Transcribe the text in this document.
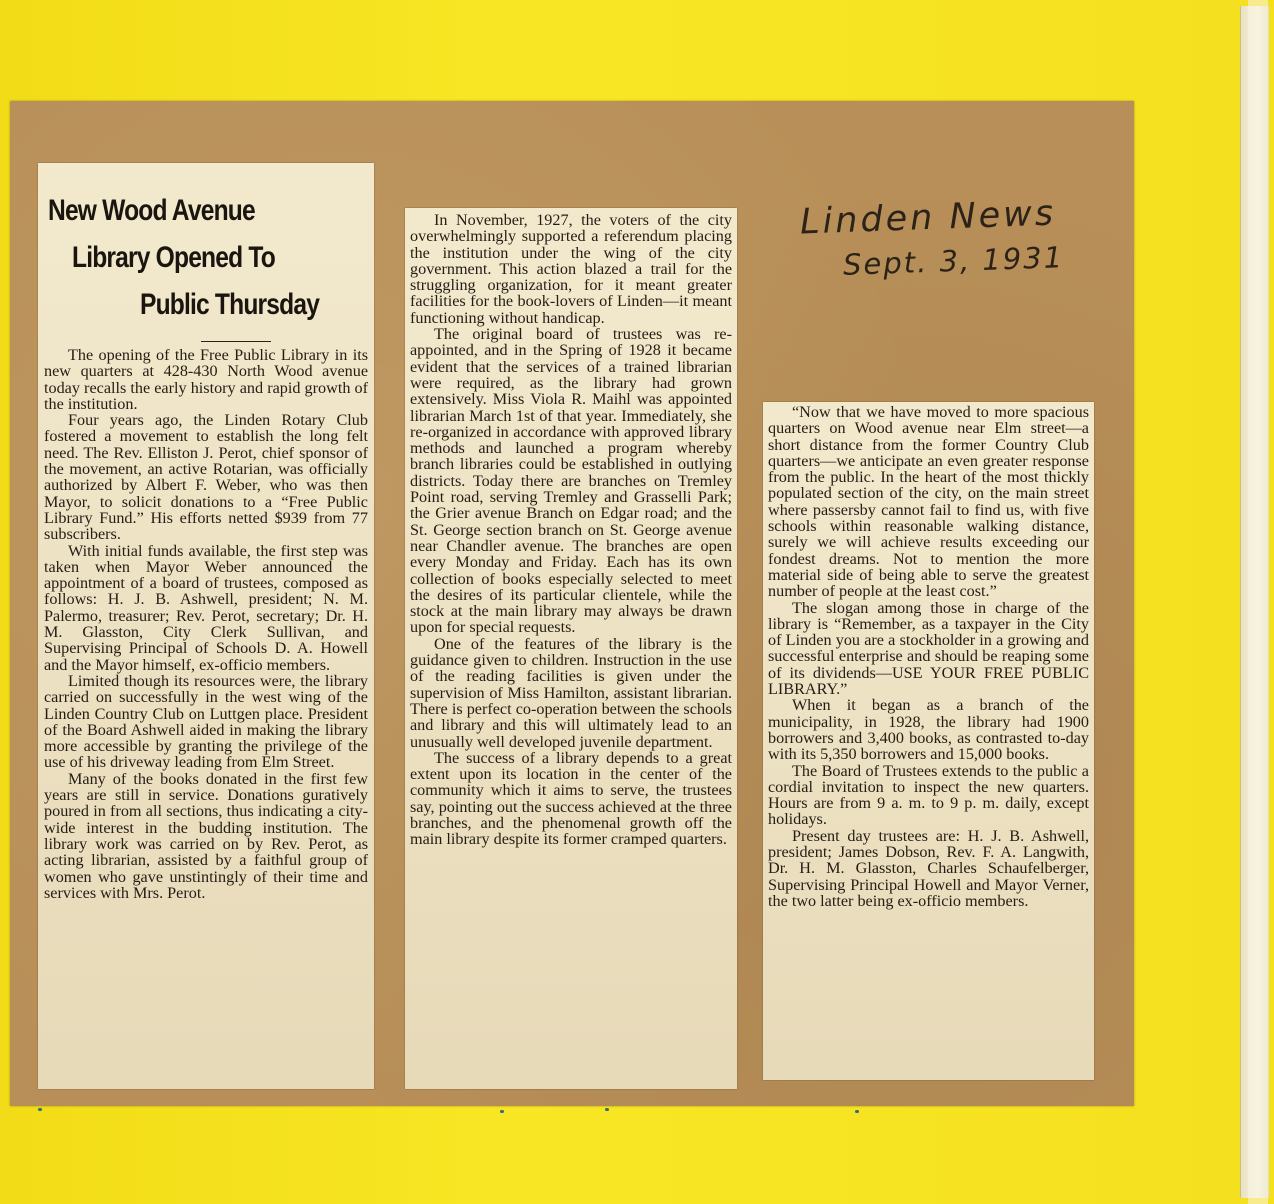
Linden News
Sept. 3, 1931
New Wood Avenue
Library Opened To
Public Thursday

The opening of the Free Public Library in its new quarters at 428-430 North Wood avenue today recalls the early history and rapid growth of the institution.

Four years ago, the Linden Rotary Club fostered a movement to establish the long felt need. The Rev. Elliston J. Perot, chief sponsor of the movement, an active Rotarian, was officially authorized by Albert F. Weber, who was then Mayor, to solicit donations to a “Free Public Library Fund.” His efforts netted $939 from 77 subscribers.

With initial funds available, the first step was taken when Mayor Weber announced the appointment of a board of trustees, composed as follows: H. J. B. Ashwell, president; N. M. Palermo, treasurer; Rev. Perot, secretary; Dr. H. M. Glasston, City Clerk Sullivan, and Supervising Principal of Schools D. A. Howell and the Mayor himself, ex-officio members.

Limited though its resources were, the library carried on successfully in the west wing of the Linden Country Club on Luttgen place. President of the Board Ashwell aided in making the library more accessible by granting the privilege of the use of his driveway leading from Elm Street.

Many of the books donated in the first few years are still in service. Donations guratively poured in from all sections, thus indicating a city-wide interest in the budding institution. The library work was carried on by Rev. Perot, as acting librarian, assisted by a faithful group of women who gave unstintingly of their time and services with Mrs. Perot.

In November, 1927, the voters of the city overwhelmingly supported a referendum placing the institution under the wing of the city government. This action blazed a trail for the struggling organization, for it meant greater facilities for the book-lovers of Linden—it meant functioning without handicap.

The original board of trustees was re-appointed, and in the Spring of 1928 it became evident that the services of a trained librarian were required, as the library had grown extensively. Miss Viola R. Maihl was appointed librarian March 1st of that year. Immediately, she re-organized in accordance with approved library methods and launched a program whereby branch libraries could be established in outlying districts. Today there are branches on Tremley Point road, serving Tremley and Grasselli Park; the Grier avenue Branch on Edgar road; and the St. George section branch on St. George avenue near Chandler avenue. The branches are open every Monday and Friday. Each has its own collection of books especially selected to meet the desires of its particular clientele, while the stock at the main library may always be drawn upon for special requests.

One of the features of the library is the guidance given to children. Instruction in the use of the reading facilities is given under the supervision of Miss Hamilton, assistant librarian. There is perfect co-operation between the schools and library and this will ultimately lead to an unusually well developed juvenile department.

The success of a library depends to a great extent upon its location in the center of the community which it aims to serve, the trustees say, pointing out the success achieved at the three branches, and the phenomenal growth off the main library despite its former cramped quarters.

“Now that we have moved to more spacious quarters on Wood avenue near Elm street—a short distance from the former Country Club quarters—we anticipate an even greater response from the public. In the heart of the most thickly populated section of the city, on the main street where passersby cannot fail to find us, with five schools within reasonable walking distance, surely we will achieve results exceeding our fondest dreams. Not to mention the more material side of being able to serve the greatest number of people at the least cost.”

The slogan among those in charge of the library is “Remember, as a taxpayer in the City of Linden you are a stockholder in a growing and successful enterprise and should be reaping some of its dividends—USE YOUR FREE PUBLIC LIBRARY.”

When it began as a branch of the municipality, in 1928, the library had 1900 borrowers and 3,400 books, as contrasted to-day with its 5,350 borrowers and 15,000 books.

The Board of Trustees extends to the public a cordial invitation to inspect the new quarters. Hours are from 9 a. m. to 9 p. m. daily, except holidays.

Present day trustees are: H. J. B. Ashwell, president; James Dobson, Rev. F. A. Langwith, Dr. H. M. Glasston, Charles Schaufelberger, Supervising Principal Howell and Mayor Verner, the two latter being ex-officio members.
